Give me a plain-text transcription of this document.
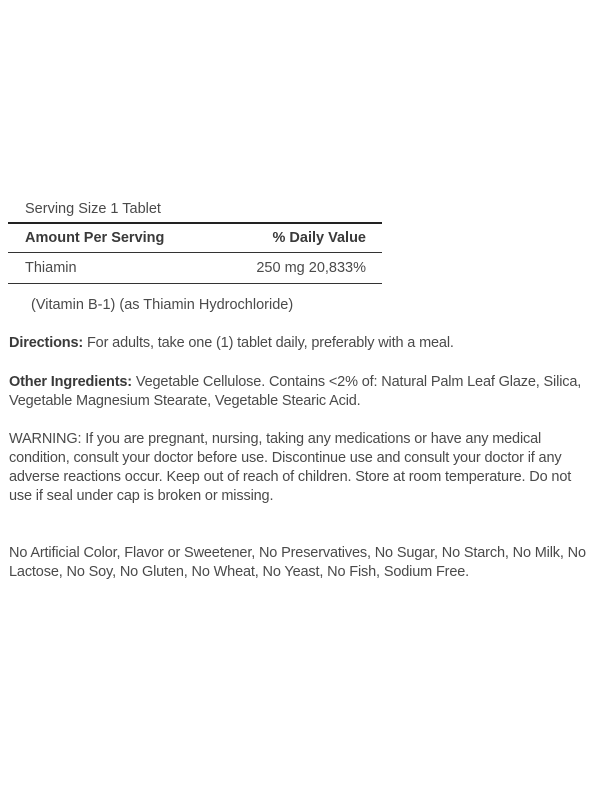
Serving Size 1 Tablet
Amount Per Serving	% Daily Value
Thiamin	250 mg 20,833%
(Vitamin B-1) (as Thiamin Hydrochloride)
Directions: For adults, take one (1) tablet daily, preferably with a meal.
Other Ingredients: Vegetable Cellulose. Contains <2% of: Natural Palm Leaf Glaze, Silica, Vegetable Magnesium Stearate, Vegetable Stearic Acid.
WARNING: If you are pregnant, nursing, taking any medications or have any medical condition, consult your doctor before use. Discontinue use and consult your doctor if any adverse reactions occur. Keep out of reach of children. Store at room temperature. Do not use if seal under cap is broken or missing.
No Artificial Color, Flavor or Sweetener, No Preservatives, No Sugar, No Starch, No Milk, No Lactose, No Soy, No Gluten, No Wheat, No Yeast, No Fish, Sodium Free.
